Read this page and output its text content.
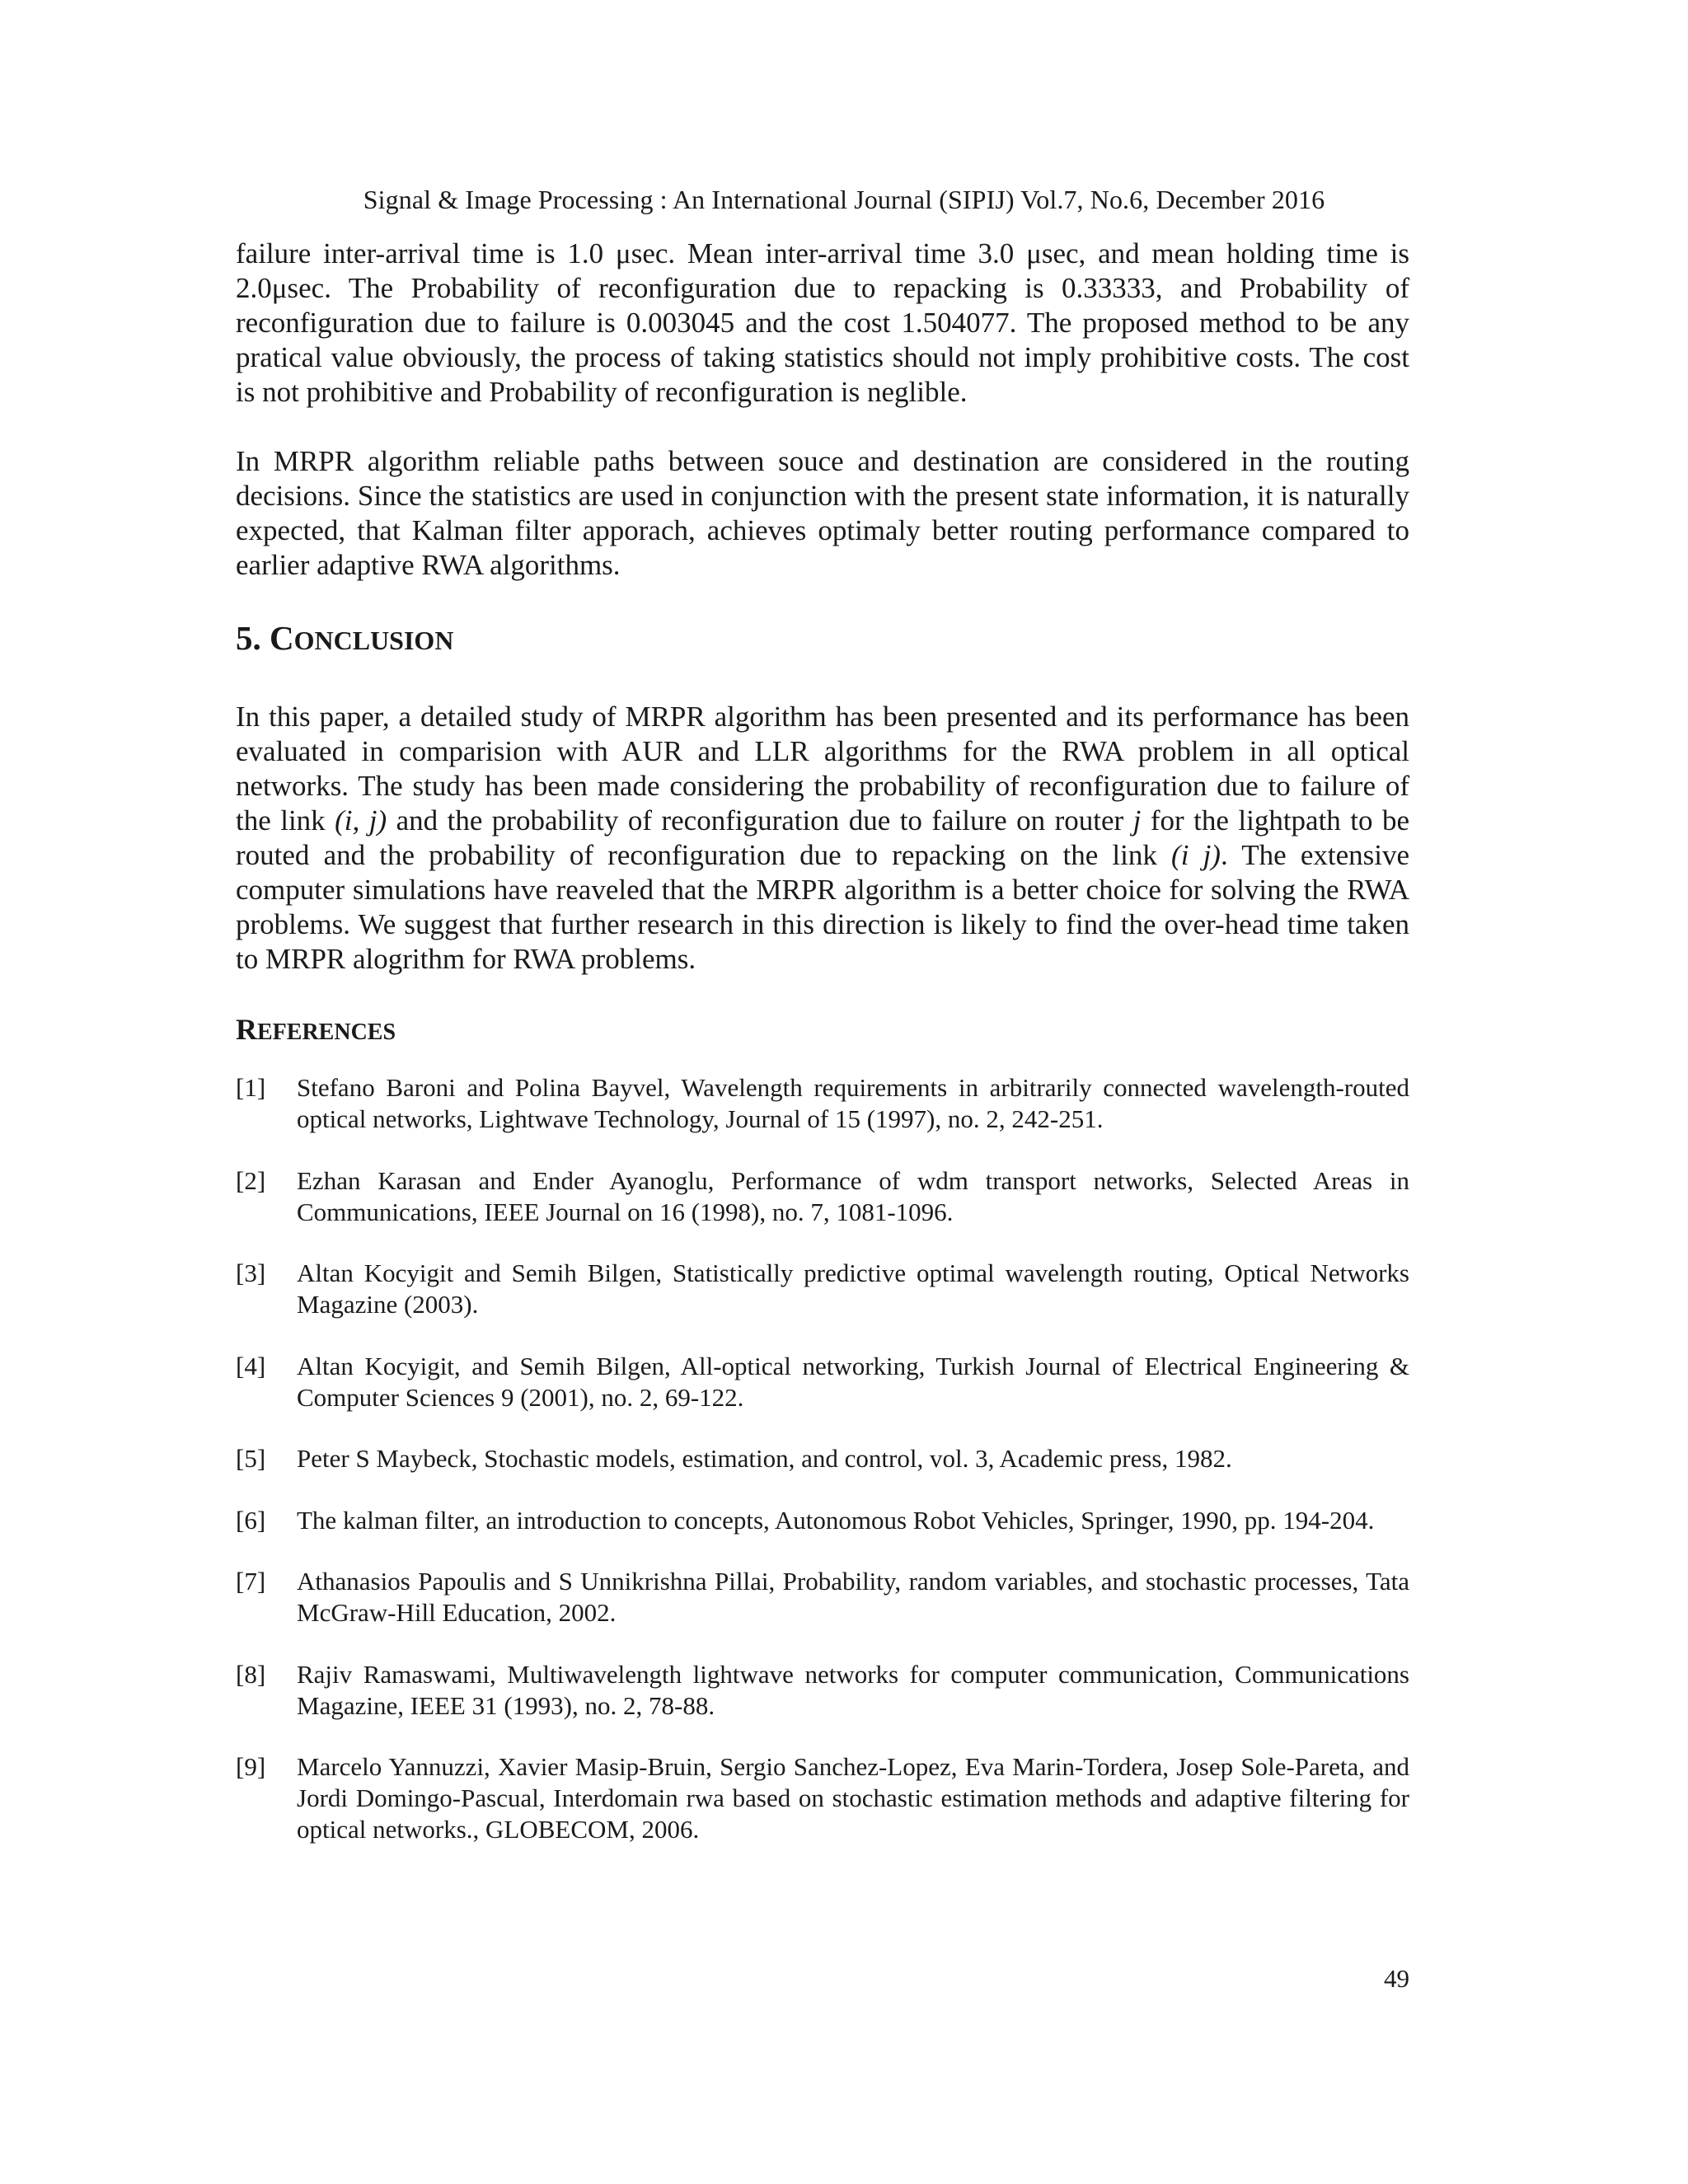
Signal & Image Processing : An International Journal (SIPIJ) Vol.7, No.6, December 2016

failure inter-arrival time is 1.0 μsec. Mean inter-arrival time 3.0 μsec, and mean holding time is 2.0μsec. The Probability of reconfiguration due to repacking is 0.33333, and Probability of reconfiguration due to failure is 0.003045 and the cost 1.504077. The proposed method to be any pratical value obviously, the process of taking statistics should not imply prohibitive costs. The cost is not prohibitive and Probability of reconfiguration is neglible.

In MRPR algorithm reliable paths between souce and destination are considered in the routing decisions. Since the statistics are used in conjunction with the present state information, it is naturally expected, that Kalman filter apporach, achieves optimaly better routing performance compared to earlier adaptive RWA algorithms.

5. CONCLUSION

In this paper, a detailed study of MRPR algorithm has been presented and its performance has been evaluated in comparision with AUR and LLR algorithms for the RWA problem in all optical networks. The study has been made considering the probability of reconfiguration due to failure of the link (i, j) and the probability of reconfiguration due to failure on router j for the lightpath to be routed and the probability of reconfiguration due to repacking on the link (i j). The extensive computer simulations have reaveled that the MRPR algorithm is a better choice for solving the RWA problems. We suggest that further research in this direction is likely to find the over-head time taken to MRPR alogrithm for RWA problems.

REFERENCES
[1]	Stefano Baroni and Polina Bayvel, Wavelength requirements in arbitrarily connected wavelength-routed optical networks, Lightwave Technology, Journal of 15 (1997), no. 2, 242-251.
[2]	Ezhan Karasan and Ender Ayanoglu, Performance of wdm transport networks, Selected Areas in Communications, IEEE Journal on 16 (1998), no. 7, 1081-1096.
[3]	Altan Kocyigit and Semih Bilgen, Statistically predictive optimal wavelength routing, Optical Networks Magazine (2003).
[4]	Altan Kocyigit, and Semih Bilgen, All-optical networking, Turkish Journal of Electrical Engineering & Computer Sciences 9 (2001), no. 2, 69-122.
[5]	Peter S Maybeck, Stochastic models, estimation, and control, vol. 3, Academic press, 1982.
[6]	The kalman filter, an introduction to concepts, Autonomous Robot Vehicles, Springer, 1990, pp. 194-204.
[7]	Athanasios Papoulis and S Unnikrishna Pillai, Probability, random variables, and stochastic processes, Tata McGraw-Hill Education, 2002.
[8]	Rajiv Ramaswami, Multiwavelength lightwave networks for computer communication, Communications Magazine, IEEE 31 (1993), no. 2, 78-88.
[9]	Marcelo Yannuzzi, Xavier Masip-Bruin, Sergio Sanchez-Lopez, Eva Marin-Tordera, Josep Sole-Pareta, and Jordi Domingo-Pascual, Interdomain rwa based on stochastic estimation methods and adaptive filtering for optical networks., GLOBECOM, 2006.
49
